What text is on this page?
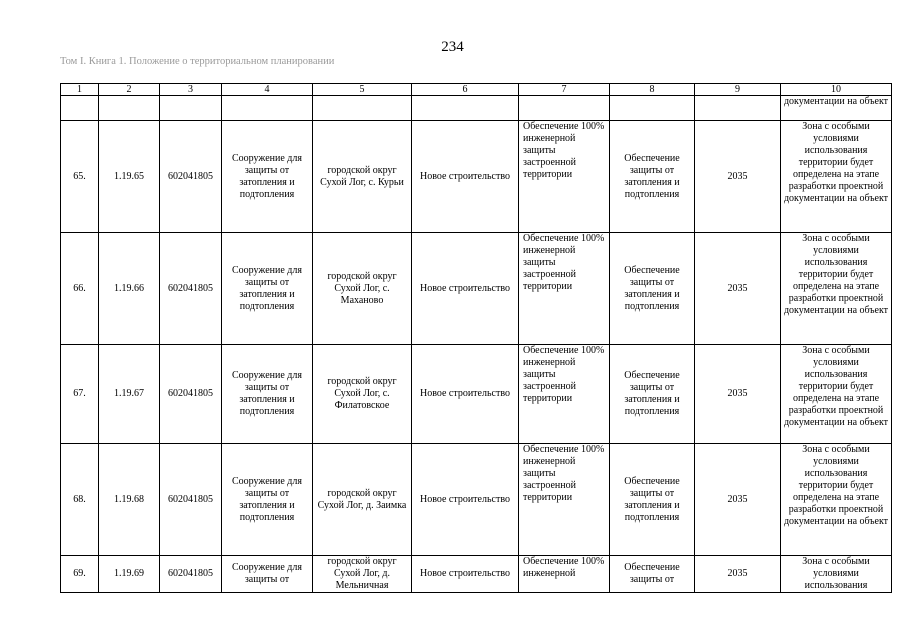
234
Том I. Книга 1. Положение о территориальном планировании
1	2	3	4	5	6	7	8	9	10
									документации на объект
65.	1.19.65	602041805	Сооружение для защиты от затопления и подтопления	городской округ Сухой Лог, с. Курьи	Новое строительство	Обеспечение 100% инженерной защиты застроенной территории	Обеспечение защиты от затопления и подтопления	2035	Зона с особыми условиями использования территории будет определена на этапе разработки проектной документации на объект
66.	1.19.66	602041805	Сооружение для защиты от затопления и подтопления	городской округ Сухой Лог, с. Маханово	Новое строительство	Обеспечение 100% инженерной защиты застроенной территории	Обеспечение защиты от затопления и подтопления	2035	Зона с особыми условиями использования территории будет определена на этапе разработки проектной документации на объект
67.	1.19.67	602041805	Сооружение для защиты от затопления и подтопления	городской округ Сухой Лог, с. Филатовское	Новое строительство	Обеспечение 100% инженерной защиты застроенной территории	Обеспечение защиты от затопления и подтопления	2035	Зона с особыми условиями использования территории будет определена на этапе разработки проектной документации на объект
68.	1.19.68	602041805	Сооружение для защиты от затопления и подтопления	городской округ Сухой Лог, д. Заимка	Новое строительство	Обеспечение 100% инженерной защиты застроенной территории	Обеспечение защиты от затопления и подтопления	2035	Зона с особыми условиями использования территории будет определена на этапе разработки проектной документации на объект
69.	1.19.69	602041805	Сооружение для защиты от	городской округ Сухой Лог, д. Мельничная	Новое строительство	Обеспечение 100% инженерной	Обеспечение защиты от	2035	Зона с особыми условиями использования
